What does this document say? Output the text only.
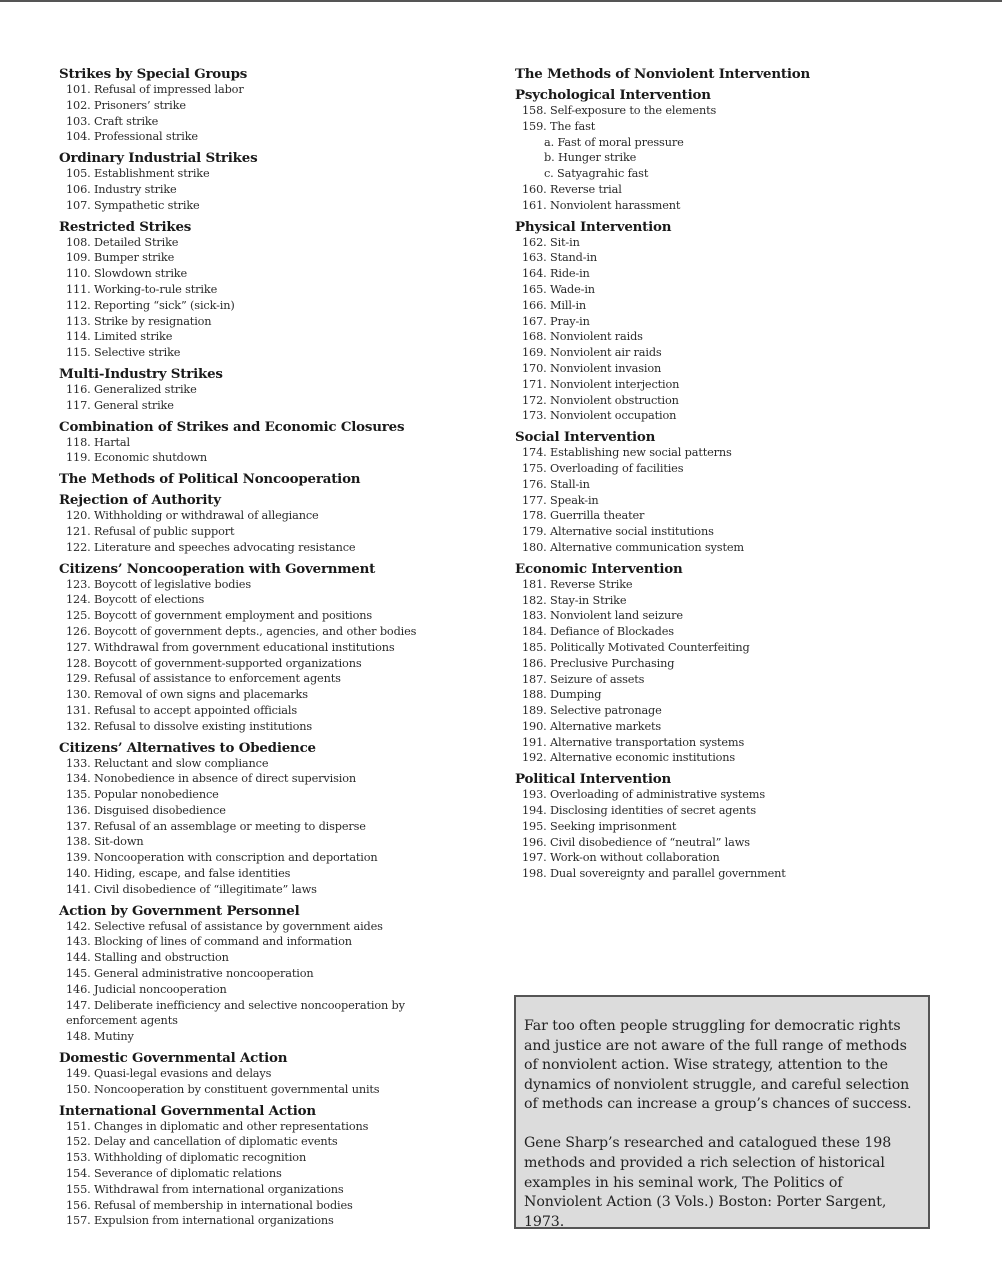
Strikes by Special Groups
101. Refusal of impressed labor
102. Prisoners’ strike
103. Craft strike
104. Professional strike
Ordinary Industrial Strikes
105. Establishment strike
106. Industry strike
107. Sympathetic strike
Restricted Strikes
108. Detailed Strike
109. Bumper strike
110. Slowdown strike
111. Working-to-rule strike
112. Reporting “sick” (sick-in)
113. Strike by resignation
114. Limited strike
115. Selective strike
Multi-Industry Strikes
116. Generalized strike
117. General strike
Combination of Strikes and Economic Closures
118. Hartal
119. Economic shutdown
The Methods of Political Noncooperation
Rejection of Authority
120. Withholding or withdrawal of allegiance
121. Refusal of public support
122. Literature and speeches advocating resistance
Citizens’ Noncooperation with Government
123. Boycott of legislative bodies
124. Boycott of elections
125. Boycott of government employment and positions
126. Boycott of government depts., agencies, and other bodies
127. Withdrawal from government educational institutions
128. Boycott of government-supported organizations
129. Refusal of assistance to enforcement agents
130. Removal of own signs and placemarks
131. Refusal to accept appointed officials
132. Refusal to dissolve existing institutions
Citizens’ Alternatives to Obedience
133. Reluctant and slow compliance
134. Nonobedience in absence of direct supervision
135. Popular nonobedience
136. Disguised disobedience
137. Refusal of an assemblage or meeting to disperse
138. Sit-down
139. Noncooperation with conscription and deportation
140. Hiding, escape, and false identities
141. Civil disobedience of “illegitimate” laws
Action by Government Personnel
142. Selective refusal of assistance by government aides
143. Blocking of lines of command and information
144. Stalling and obstruction
145. General administrative noncooperation
146. Judicial noncooperation
147. Deliberate inefficiency and selective noncooperation by enforcement agents
148. Mutiny
Domestic Governmental Action
149. Quasi-legal evasions and delays
150. Noncooperation by constituent governmental units
International Governmental Action
151. Changes in diplomatic and other representations
152. Delay and cancellation of diplomatic events
153. Withholding of diplomatic recognition
154. Severance of diplomatic relations
155. Withdrawal from international organizations
156. Refusal of membership in international bodies
157. Expulsion from international organizations
The Methods of Nonviolent Intervention
Psychological Intervention
158. Self-exposure to the elements
159. The fast
a. Fast of moral pressure
b. Hunger strike
c. Satyagrahic fast
160. Reverse trial
161. Nonviolent harassment
Physical Intervention
162. Sit-in
163. Stand-in
164. Ride-in
165. Wade-in
166. Mill-in
167. Pray-in
168. Nonviolent raids
169. Nonviolent air raids
170. Nonviolent invasion
171. Nonviolent interjection
172. Nonviolent obstruction
173. Nonviolent occupation
Social Intervention
174. Establishing new social patterns
175. Overloading of facilities
176. Stall-in
177. Speak-in
178. Guerrilla theater
179. Alternative social institutions
180. Alternative communication system
Economic Intervention
181. Reverse Strike
182. Stay-in Strike
183. Nonviolent land seizure
184. Defiance of Blockades
185. Politically Motivated Counterfeiting
186. Preclusive Purchasing
187. Seizure of assets
188. Dumping
189. Selective patronage
190. Alternative markets
191. Alternative transportation systems
192. Alternative economic institutions
Political Intervention
193. Overloading of administrative systems
194. Disclosing identities of secret agents
195. Seeking imprisonment
196. Civil disobedience of “neutral” laws
197. Work-on without collaboration
198. Dual sovereignty and parallel government

Far too often people struggling for democratic rights and justice are not aware of the full range of methods of nonviolent action. Wise strategy, attention to the dynamics of nonviolent struggle, and careful selection of methods can increase a group’s chances of success.

Gene Sharp’s researched and catalogued these 198 methods and provided a rich selection of historical examples in his seminal work, The Politics of Nonviolent Action (3 Vols.) Boston: Porter Sargent, 1973.
